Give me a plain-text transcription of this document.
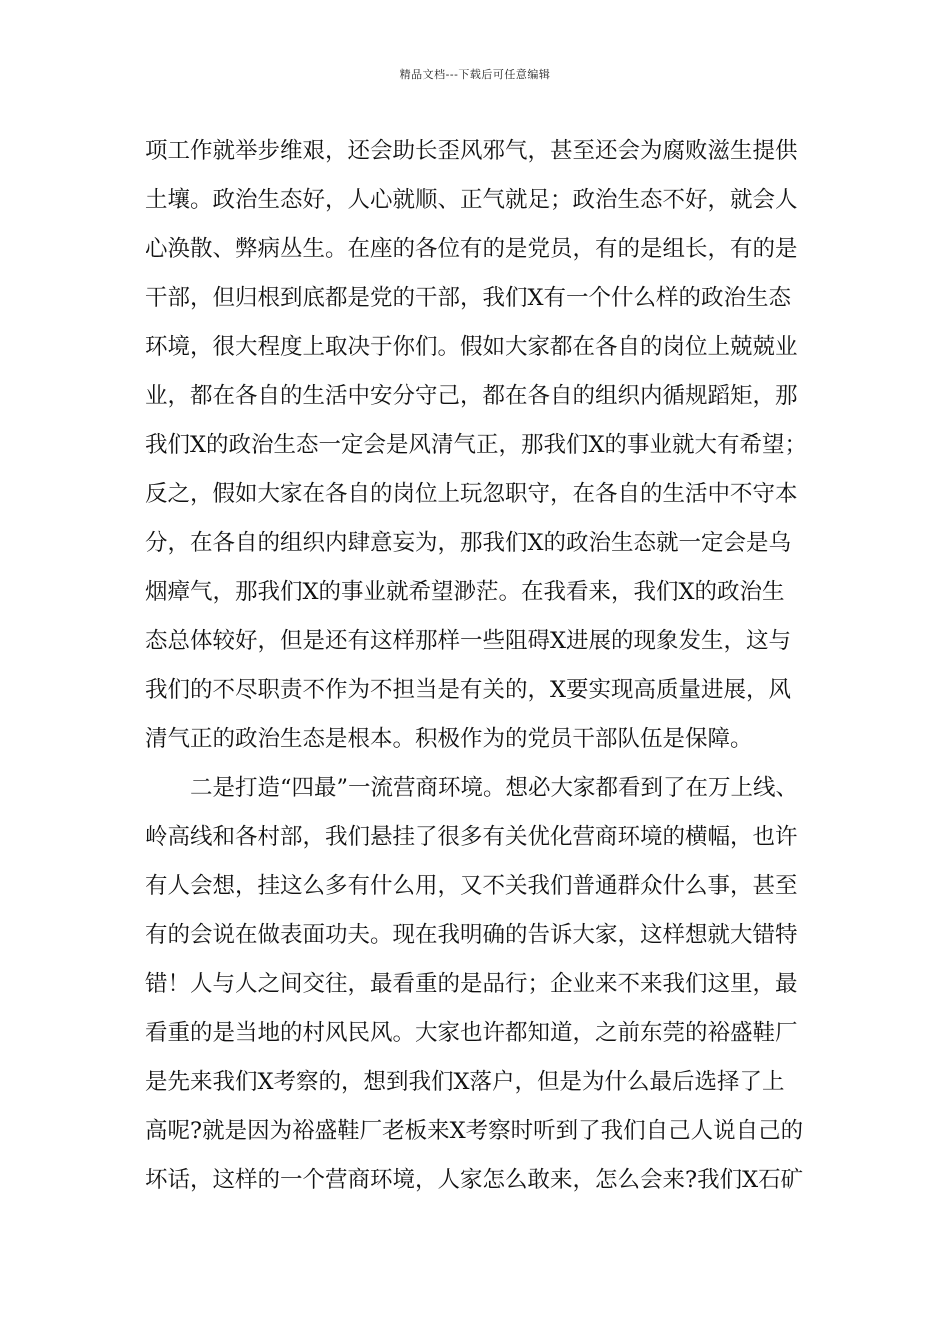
精品文档---下载后可任意编辑
项工作就举步维艰，还会助长歪风邪气，甚至还会为腐败滋生提供
土壤。政治生态好，人心就顺、正气就足；政治生态不好，就会人
心涣散、弊病丛生。在座的各位有的是党员，有的是组长，有的是
干部，但归根到底都是党的干部，我们X有一个什么样的政治生态
环境，很大程度上取决于你们。假如大家都在各自的岗位上兢兢业
业，都在各自的生活中安分守己，都在各自的组织内循规蹈矩，那
我们X的政治生态一定会是风清气正，那我们X的事业就大有希望；
反之，假如大家在各自的岗位上玩忽职守，在各自的生活中不守本
分，在各自的组织内肆意妄为，那我们X的政治生态就一定会是乌
烟瘴气，那我们X的事业就希望渺茫。在我看来，我们X的政治生
态总体较好，但是还有这样那样一些阻碍X进展的现象发生，这与
我们的不尽职责不作为不担当是有关的，X要实现高质量进展，风
清气正的政治生态是根本。积极作为的党员干部队伍是保障。
二是打造“四最”一流营商环境。想必大家都看到了在万上线、
岭高线和各村部，我们悬挂了很多有关优化营商环境的横幅，也许
有人会想，挂这么多有什么用，又不关我们普通群众什么事，甚至
有的会说在做表面功夫。现在我明确的告诉大家，这样想就大错特
错！人与人之间交往，最看重的是品行；企业来不来我们这里，最
看重的是当地的村风民风。大家也许都知道，之前东莞的裕盛鞋厂
是先来我们X考察的，想到我们X落户，但是为什么最后选择了上
高呢?就是因为裕盛鞋厂老板来X考察时听到了我们自己人说自己的
坏话，这样的一个营商环境，人家怎么敢来，怎么会来?我们X石矿
